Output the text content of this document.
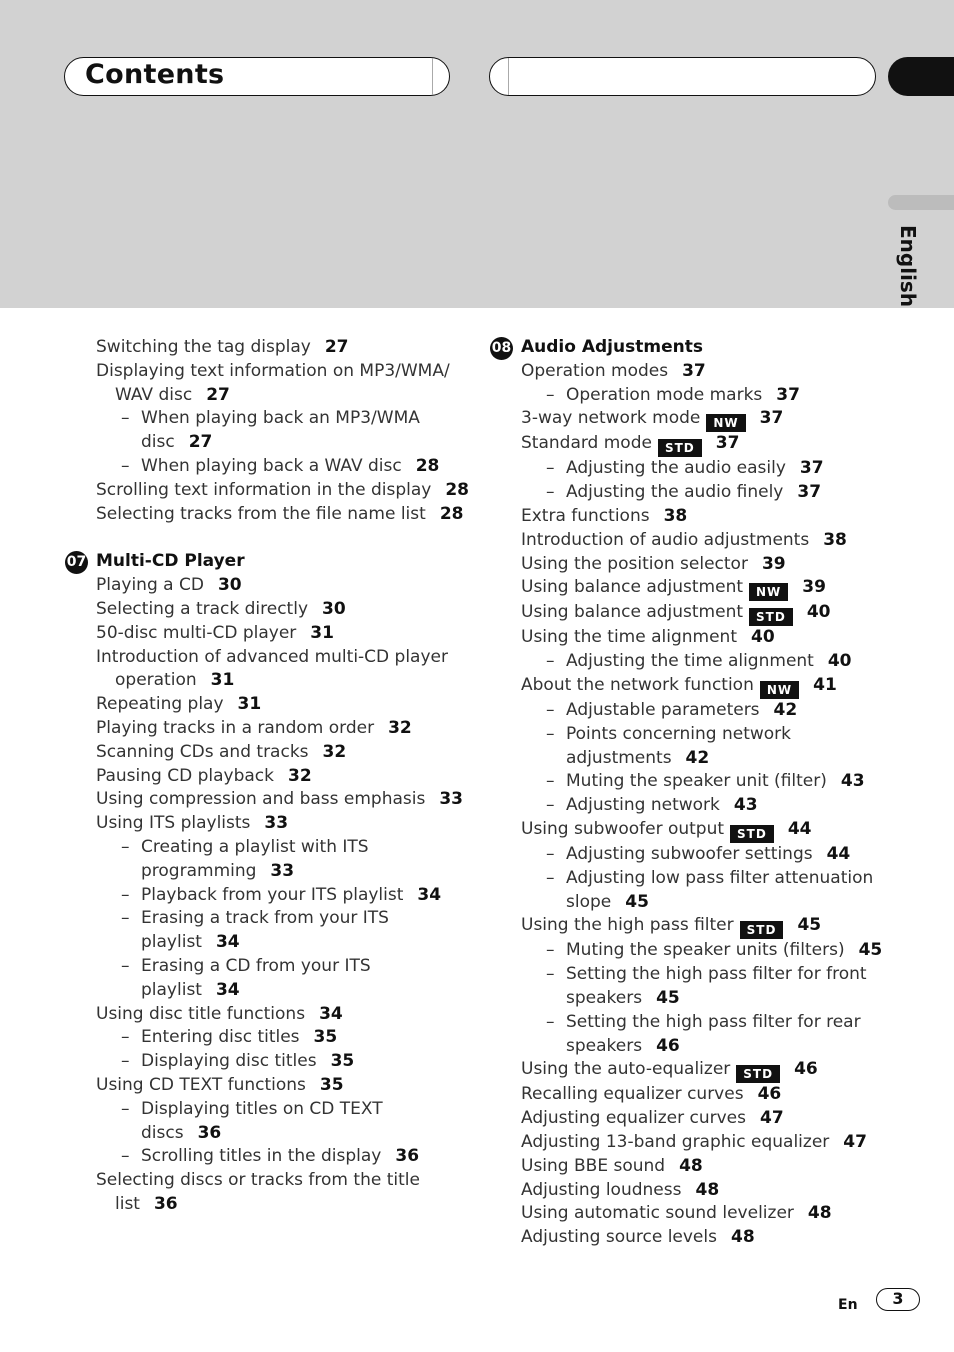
Contents
English
Switching the tag display 27
Displaying text information on MP3/WMA/
WAV disc 27
– When playing back an MP3/WMA
disc 27
– When playing back a WAV disc 28
Scrolling text information in the display 28
Selecting tracks from the file name list 28
07 Multi-CD Player
Playing a CD 30
Selecting a track directly 30
50-disc multi-CD player 31
Introduction of advanced multi-CD player
operation 31
Repeating play 31
Playing tracks in a random order 32
Scanning CDs and tracks 32
Pausing CD playback 32
Using compression and bass emphasis 33
Using ITS playlists 33
– Creating a playlist with ITS
programming 33
– Playback from your ITS playlist 34
– Erasing a track from your ITS
playlist 34
– Erasing a CD from your ITS
playlist 34
Using disc title functions 34
– Entering disc titles 35
– Displaying disc titles 35
Using CD TEXT functions 35
– Displaying titles on CD TEXT
discs 36
– Scrolling titles in the display 36
Selecting discs or tracks from the title
list 36
08 Audio Adjustments
Operation modes 37
– Operation mode marks 37
3-way network mode NW 37
Standard mode STD 37
– Adjusting the audio easily 37
– Adjusting the audio finely 37
Extra functions 38
Introduction of audio adjustments 38
Using the position selector 39
Using balance adjustment NW 39
Using balance adjustment STD 40
Using the time alignment 40
– Adjusting the time alignment 40
About the network function NW 41
– Adjustable parameters 42
– Points concerning network
adjustments 42
– Muting the speaker unit (filter) 43
– Adjusting network 43
Using subwoofer output STD 44
– Adjusting subwoofer settings 44
– Adjusting low pass filter attenuation
slope 45
Using the high pass filter STD 45
– Muting the speaker units (filters) 45
– Setting the high pass filter for front
speakers 45
– Setting the high pass filter for rear
speakers 46
Using the auto-equalizer STD 46
Recalling equalizer curves 46
Adjusting equalizer curves 47
Adjusting 13-band graphic equalizer 47
Using BBE sound 48
Adjusting loudness 48
Using automatic sound levelizer 48
Adjusting source levels 48
En	3
